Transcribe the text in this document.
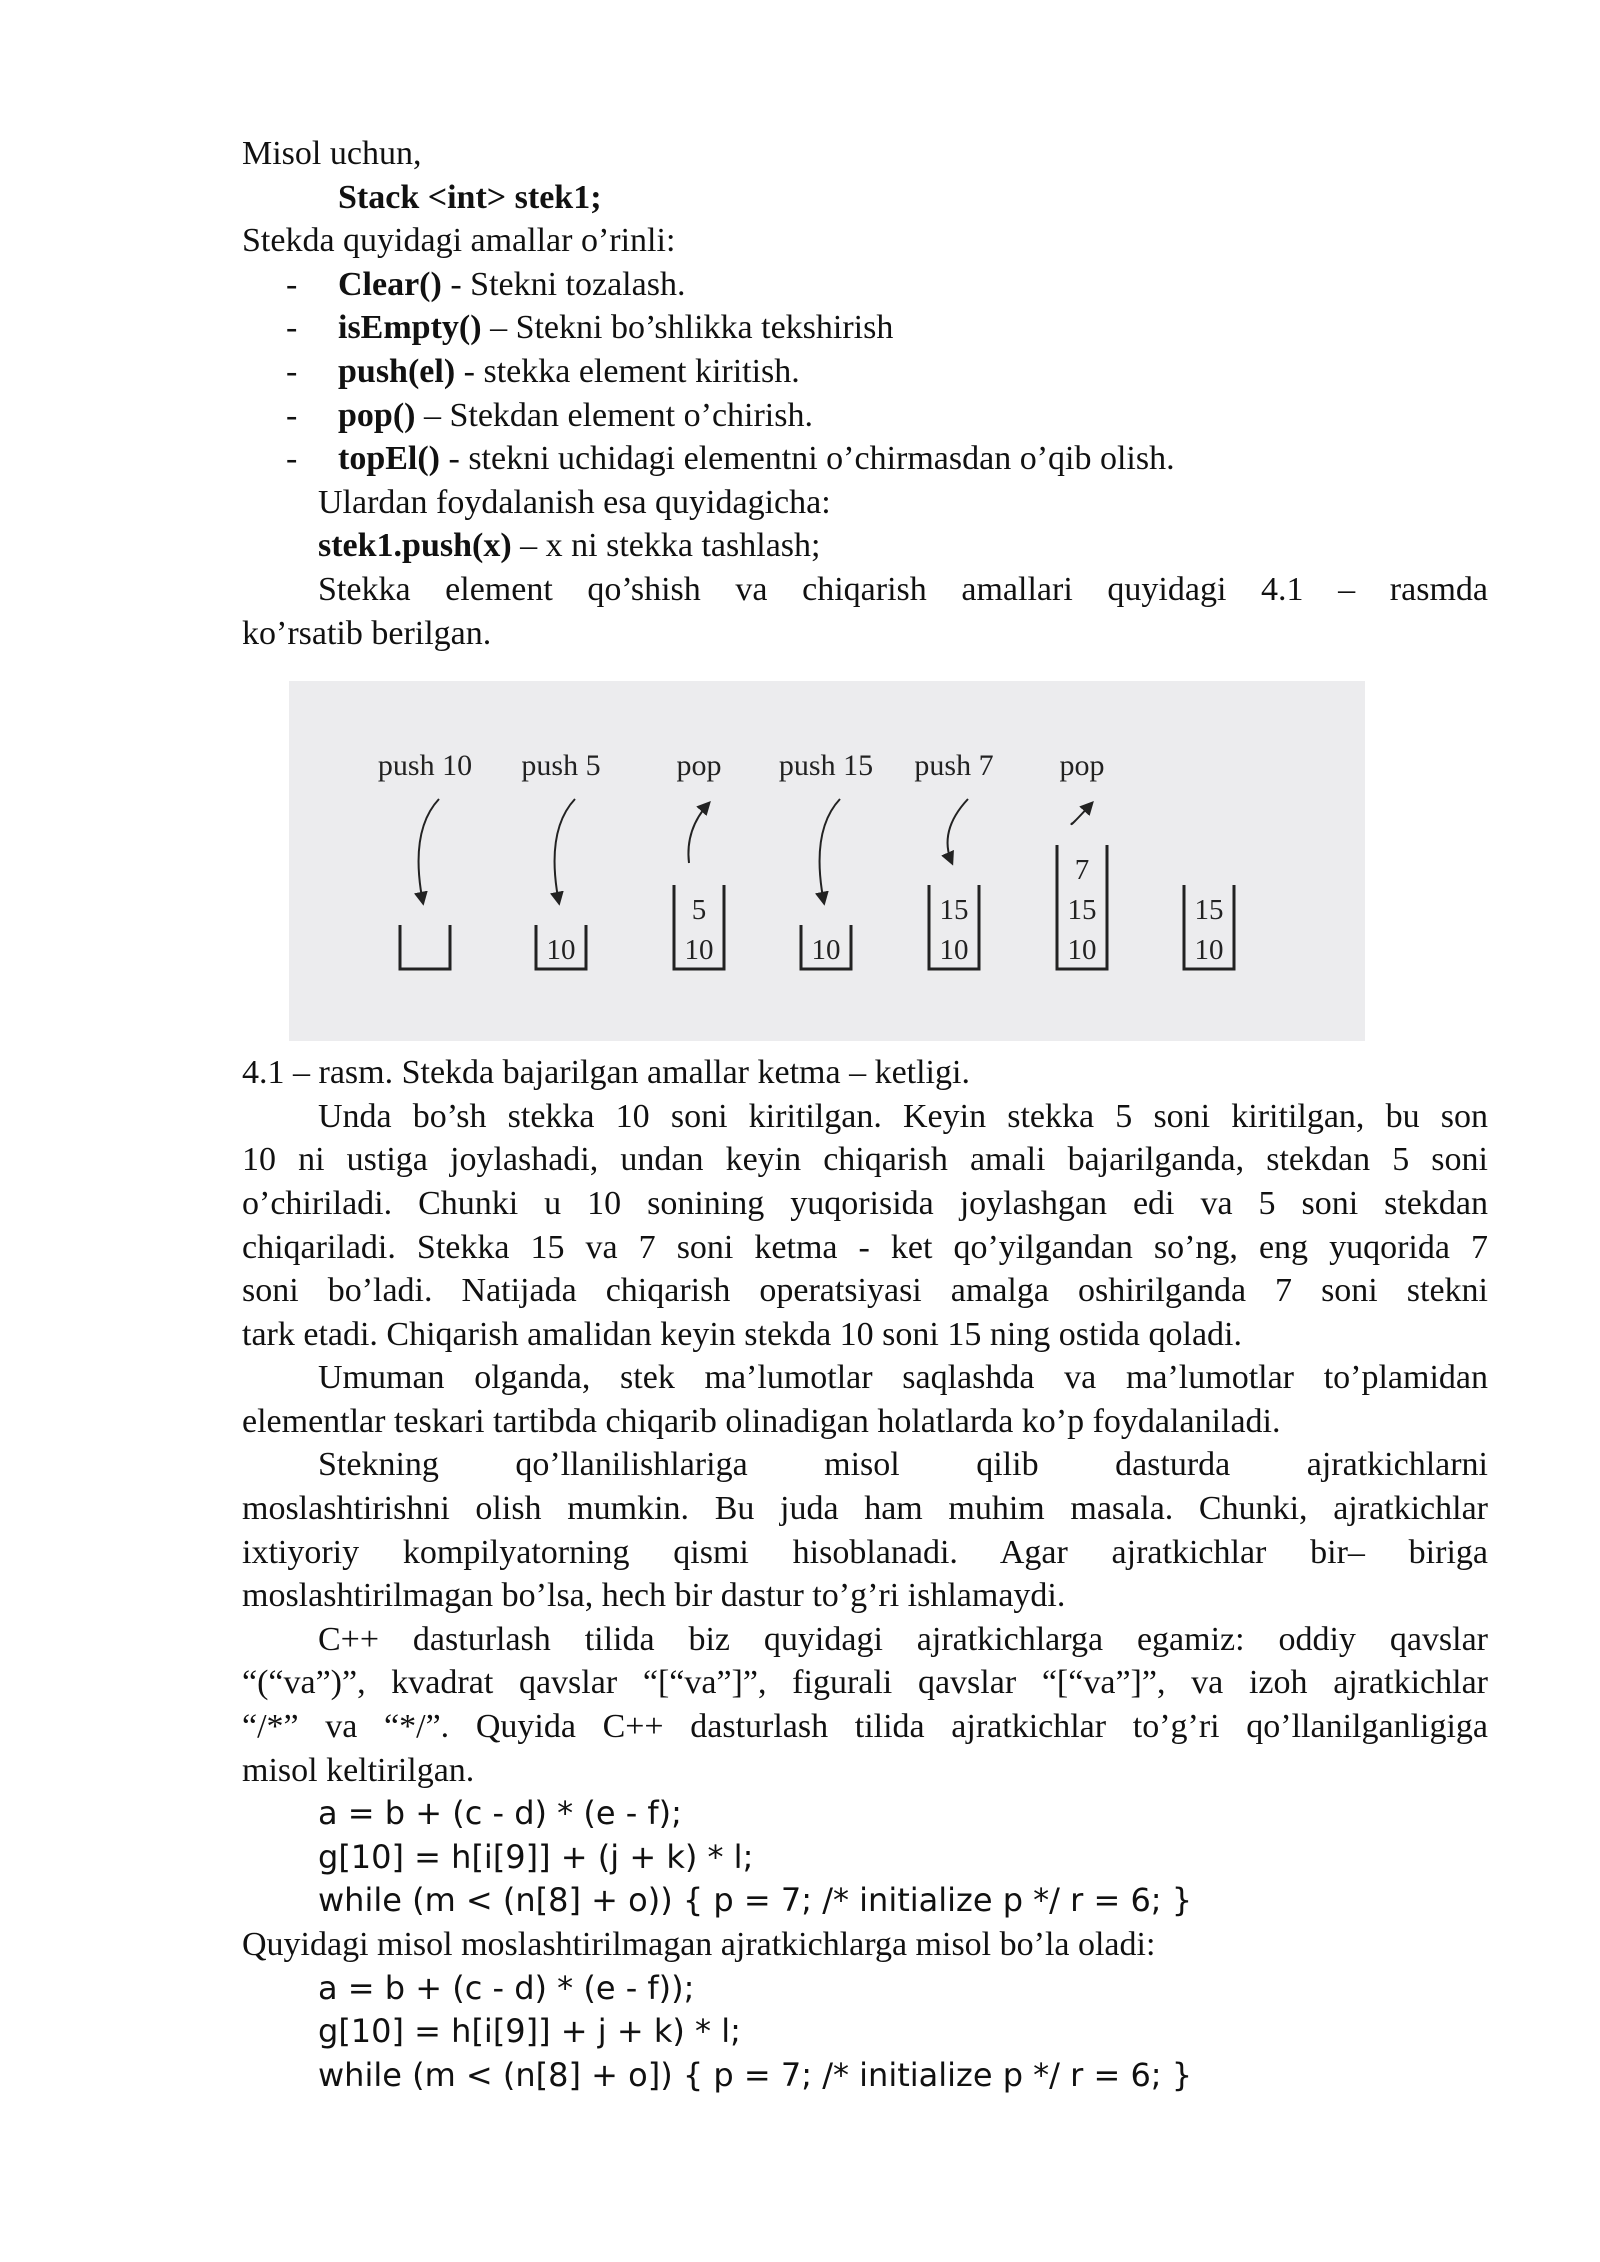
Misol uchun,
Stack <int> stek1;
Stekda quyidagi amallar o’rinli:
- Clear() - Stekni tozalash.
- isEmpty() – Stekni bo’shlikka tekshirish
- push(el) - stekka element kiritish.
- pop() – Stekdan element o’chirish.
- topEl() - stekni uchidagi elementni o’chirmasdan o’qib olish.
Ulardan foydalanish esa quyidagicha:
stek1.push(x) – x ni stekka tashlash;
Stekka element qo’shish va chiqarish amallari quyidagi 4.1 – rasmda
ko’rsatib berilgan.
push 10 push 5
10
pop
5
10
push 15
10
push 7
15
10
pop
7
15
10
15
10
4.1 – rasm. Stekda bajarilgan amallar ketma – ketligi.
Unda bo’sh stekka 10 soni kiritilgan. Keyin stekka 5 soni kiritilgan, bu son
10 ni ustiga joylashadi, undan keyin chiqarish amali bajarilganda, stekdan 5 soni
o’chiriladi. Chunki u 10 sonining yuqorisida joylashgan edi va 5 soni stekdan
chiqariladi. Stekka 15 va 7 soni ketma - ket qo’yilgandan so’ng, eng yuqorida 7
soni bo’ladi. Natijada chiqarish operatsiyasi amalga oshirilganda 7 soni stekni
tark etadi. Chiqarish amalidan keyin stekda 10 soni 15 ning ostida qoladi.
Umuman olganda, stek ma’lumotlar saqlashda va ma’lumotlar to’plamidan
elementlar teskari tartibda chiqarib olinadigan holatlarda ko’p foydalaniladi.
Stekning qo’llanilishlariga misol qilib dasturda ajratkichlarni
moslashtirishni olish mumkin. Bu juda ham muhim masala. Chunki, ajratkichlar
ixtiyoriy kompilyatorning qismi hisoblanadi. Agar ajratkichlar bir– biriga
moslashtirilmagan bo’lsa, hech bir dastur to’g’ri ishlamaydi.
C++ dasturlash tilida biz quyidagi ajratkichlarga egamiz: oddiy qavslar
“(“va”)”, kvadrat qavslar “[“va”]”, figurali qavslar “[“va”]”, va izoh ajratkichlar
“/*” va “*/”. Quyida C++ dasturlash tilida ajratkichlar to’g’ri qo’llanilganligiga
misol keltirilgan.
a = b + (c - d) * (e - f);
g[10] = h[i[9]] + (j + k) * l;
while (m < (n[8] + o)) { p = 7; /* initialize p */ r = 6; }
Quyidagi misol moslashtirilmagan ajratkichlarga misol bo’la oladi:
a = b + (c - d) * (e - f));
g[10] = h[i[9]] + j + k) * l;
while (m < (n[8] + o]) { p = 7; /* initialize p */ r = 6; }
